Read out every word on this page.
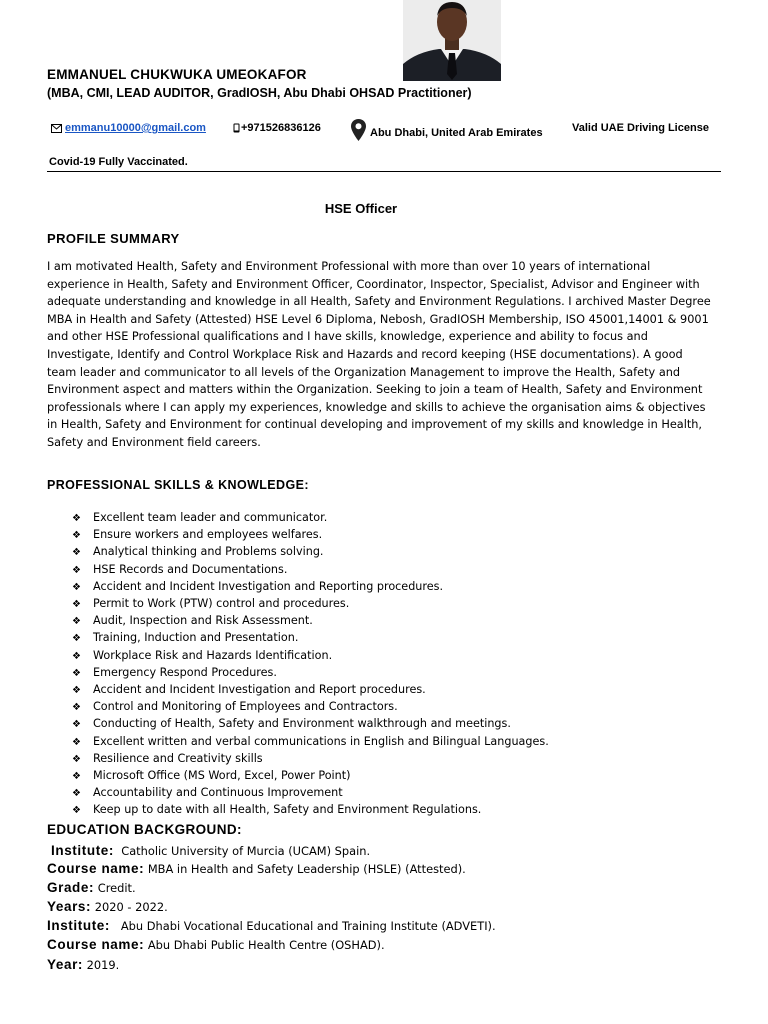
EMMANUEL CHUKWUKA UMEOKAFOR
(MBA, CMI, LEAD AUDITOR, GradIOSH, Abu Dhabi OHSAD Practitioner)
emmanu10000@gmail.com	+971526836126	Abu Dhabi, United Arab Emirates	Valid UAE Driving License
Covid-19 Fully Vaccinated.
HSE Officer
PROFILE SUMMARY
I am motivated Health, Safety and Environment Professional with more than over 10 years of international
experience in Health, Safety and Environment Officer, Coordinator, Inspector, Specialist, Advisor and Engineer with
adequate understanding and knowledge in all Health, Safety and Environment Regulations. I archived Master Degree
MBA in Health and Safety (Attested) HSE Level 6 Diploma, Nebosh, GradIOSH Membership, ISO 45001,14001 & 9001
and other HSE Professional qualifications and I have skills, knowledge, experience and ability to focus and
Investigate, Identify and Control Workplace Risk and Hazards and record keeping (HSE documentations). A good
team leader and communicator to all levels of the Organization Management to improve the Health, Safety and
Environment aspect and matters within the Organization. Seeking to join a team of Health, Safety and Environment
professionals where I can apply my experiences, knowledge and skills to achieve the organisation aims & objectives
in Health, Safety and Environment for continual developing and improvement of my skills and knowledge in Health,
Safety and Environment field careers.
PROFESSIONAL SKILLS & KNOWLEDGE:
❖ Excellent team leader and communicator.
❖ Ensure workers and employees welfares.
❖ Analytical thinking and Problems solving.
❖ HSE Records and Documentations.
❖ Accident and Incident Investigation and Reporting procedures.
❖ Permit to Work (PTW) control and procedures.
❖ Audit, Inspection and Risk Assessment.
❖ Training, Induction and Presentation.
❖ Workplace Risk and Hazards Identification.
❖ Emergency Respond Procedures.
❖ Accident and Incident Investigation and Report procedures.
❖ Control and Monitoring of Employees and Contractors.
❖ Conducting of Health, Safety and Environment walkthrough and meetings.
❖ Excellent written and verbal communications in English and Bilingual Languages.
❖ Resilience and Creativity skills
❖ Microsoft Office (MS Word, Excel, Power Point)
❖ Accountability and Continuous Improvement
❖ Keep up to date with all Health, Safety and Environment Regulations.
EDUCATION BACKGROUND:
Institute: Catholic University of Murcia (UCAM) Spain.
Course name: MBA in Health and Safety Leadership (HSLE) (Attested).
Grade: Credit.
Years: 2020 - 2022.
Institute: Abu Dhabi Vocational Educational and Training Institute (ADVETI).
Course name: Abu Dhabi Public Health Centre (OSHAD).
Year: 2019.
